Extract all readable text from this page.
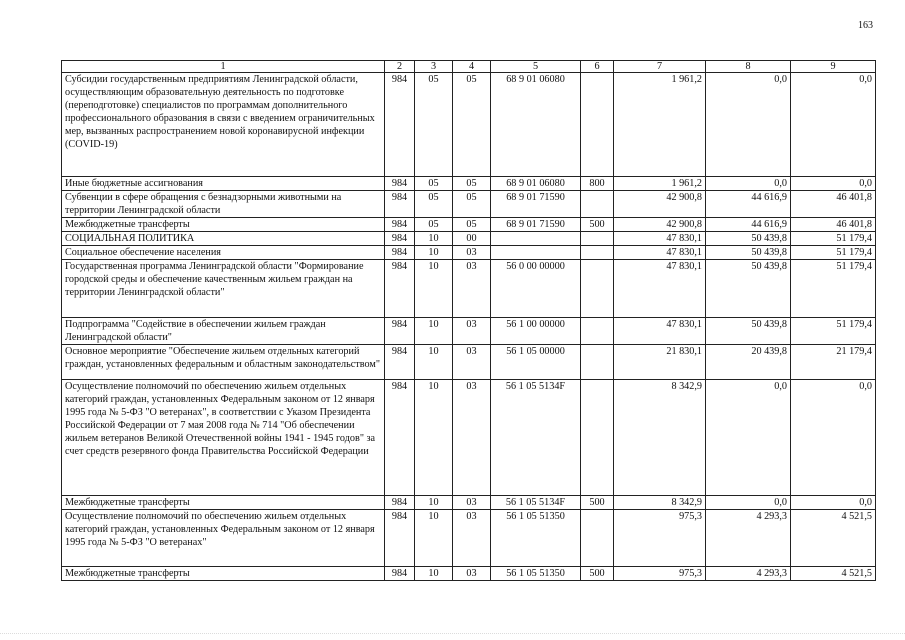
163
1	2	3	4	5	6	7	8	9
Субсидии государственным предприятиям Ленинградской области, осуществляющим образовательную деятельность по подготовке (переподготовке) специалистов по программам дополнительного профессионального образования в связи с введением ограничительных мер, вызванных распространением новой коронавирусной инфекции (COVID-19)	984	05	05	68 9 01 06080		1 961,2	0,0	0,0
Иные бюджетные ассигнования	984	05	05	68 9 01 06080	800	1 961,2	0,0	0,0
Субвенции в сфере обращения с безнадзорными животными на территории Ленинградской области	984	05	05	68 9 01 71590		42 900,8	44 616,9	46 401,8
Межбюджетные трансферты	984	05	05	68 9 01 71590	500	42 900,8	44 616,9	46 401,8
СОЦИАЛЬНАЯ ПОЛИТИКА	984	10	00			47 830,1	50 439,8	51 179,4
Социальное обеспечение населения	984	10	03			47 830,1	50 439,8	51 179,4
Государственная программа Ленинградской области "Формирование городской среды и обеспечение качественным жильем граждан на территории Ленинградской области"	984	10	03	56 0 00 00000		47 830,1	50 439,8	51 179,4
Подпрограмма "Содействие в обеспечении жильем граждан Ленинградской области"	984	10	03	56 1 00 00000		47 830,1	50 439,8	51 179,4
Основное мероприятие "Обеспечение жильем отдельных категорий граждан, установленных федеральным и областным законодательством"	984	10	03	56 1 05 00000		21 830,1	20 439,8	21 179,4
Осуществление полномочий по обеспечению жильем отдельных категорий граждан, установленных Федеральным законом от 12 января 1995 года № 5-ФЗ "О ветеранах", в соответствии с Указом Президента Российской Федерации от 7 мая 2008 года № 714 "Об обеспечении жильем ветеранов Великой Отечественной войны 1941 - 1945 годов" за счет средств резервного фонда Правительства Российской Федерации	984	10	03	56 1 05 5134F		8 342,9	0,0	0,0
Межбюджетные трансферты	984	10	03	56 1 05 5134F	500	8 342,9	0,0	0,0
Осуществление полномочий по обеспечению жильем отдельных категорий граждан, установленных Федеральным законом от 12 января 1995 года № 5-ФЗ "О ветеранах"	984	10	03	56 1 05 51350		975,3	4 293,3	4 521,5
Межбюджетные трансферты	984	10	03	56 1 05 51350	500	975,3	4 293,3	4 521,5
